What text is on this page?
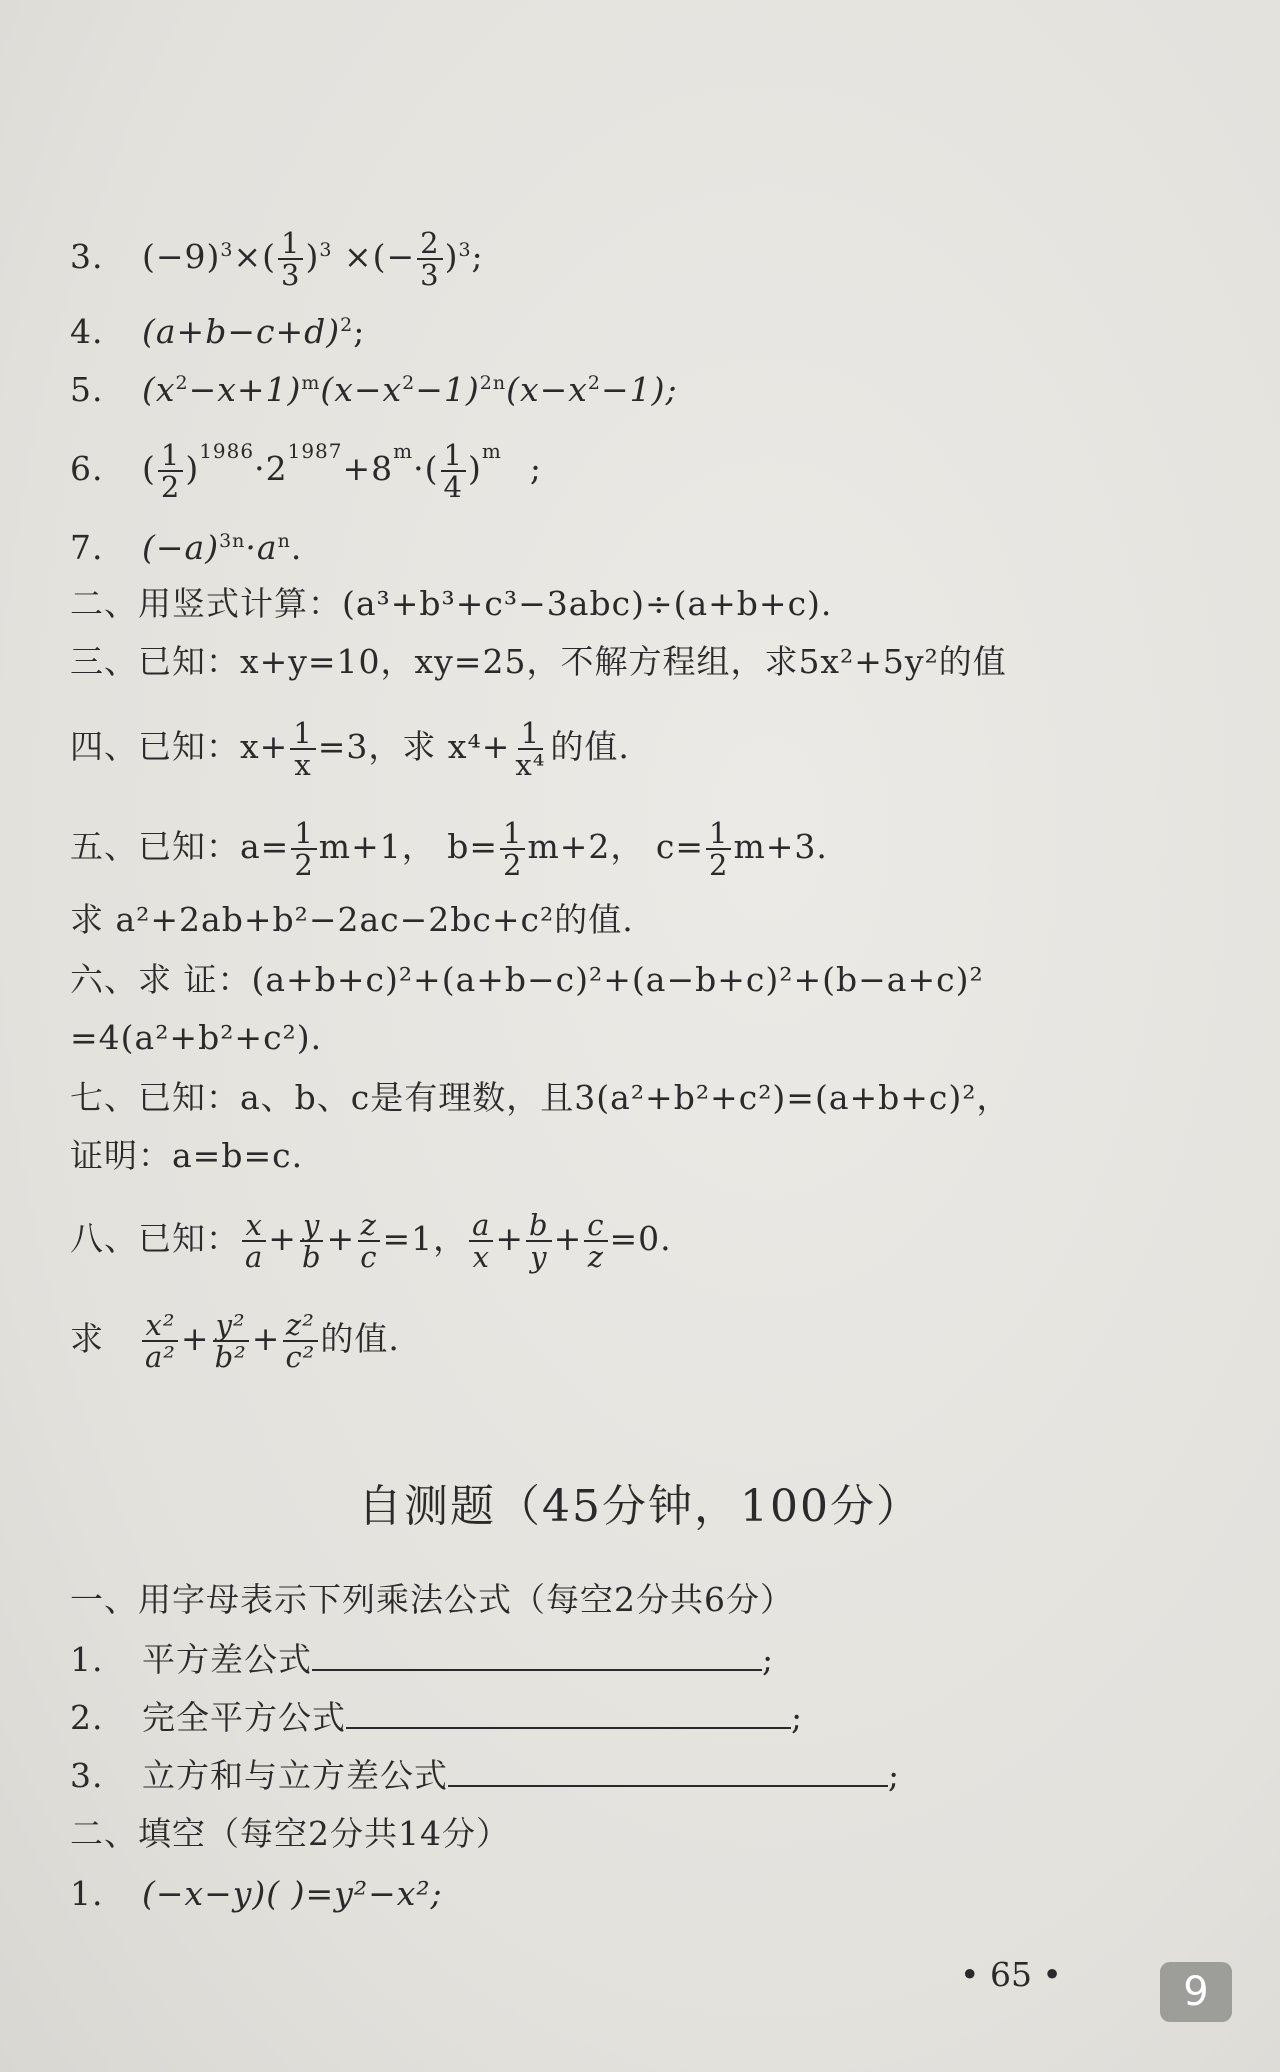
3. $(-9)^3\times( \frac{1}{3} )^3$ ×(− $\frac{2}{3} )^3$;
4. $(a+b-c+d)^2$;
5. $(x^2-x+1)^m(x-x^2-1)^{2n}(x-x^2-1)$;
6. ( $\frac{1}{2} )^{1986}\cdot 2^{1987}+8^m\cdot( \frac{1}{4} )^m$ ;
7. $(-a)^{3n}\cdot a^n$.
二、用竖式计算：(a³+b³+c³−3abc)÷(a+b+c).
三、已知：x+y=10，xy=25，不解方程组，求5x²+5y²的值
四、已知：$x+ \frac{1}{x} =3$，求 $x^4+ \frac{1}{\text{x⁴}}$ 的值.
五、已知：$a= \frac{1}{2} m+1$， $b= \frac{1}{2} m+2$， $c= \frac{1}{2} m+3$.
求 a²+2ab+b²−2ac−2bc+c²的值.
六、求 证：(a+b+c)²+(a+b−c)²+(a−b+c)²+(b−a+c)²
=4(a²+b²+c²).
七、已知：a、b、c是有理数，且3(a²+b²+c²)=(a+b+c)²，
证明：a=b=c.
八、已知： $\frac{x}{a} + \frac{y}{b} + \frac{z}{c} =1$， $\frac{a}{x} + \frac{b}{y} + \frac{c}{z} =0$.
求 $\frac{\text{x²}}{\text{a²}} + \frac{\text{y²}}{\text{b²}} + \frac{\text{z²}}{\text{c²}}$ 的值.
自测题（45分钟，100分）
一、用字母表示下列乘法公式（每空2分共6分）
1. 平方差公式	;
2. 完全平方公式	;
3. 立方和与立方差公式	;
二、填空（每空2分共14分）
1. (−x−y)( )=y²−x²;
• 65 •	9
